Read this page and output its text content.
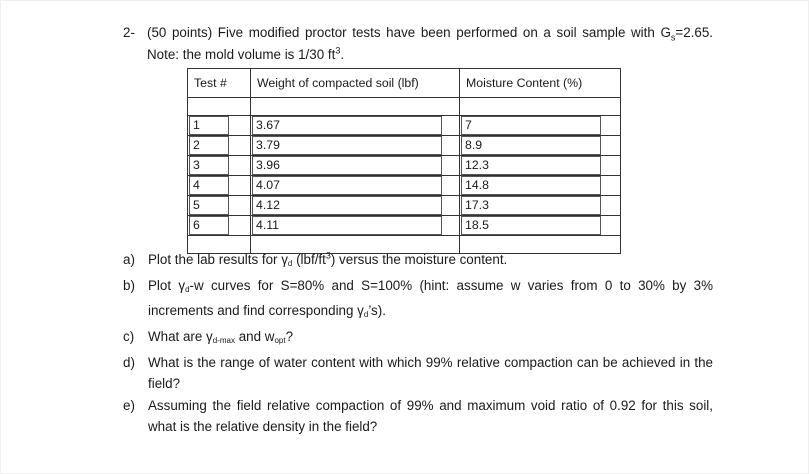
2- (50 points) Five modified proctor tests have been performed on a soil sample with $G_s=2.65$. Note: the mold volume is 1/30 $ft^3$.
Test #	Weight of compacted soil (lbf)	Moisture Content (%)

1	3.67	7
2	3.79	8.9
3	3.96	12.3
4	4.07	14.8
5	4.12	17.3
6	4.11	18.5

a) Plot the lab results for γd $(lbf/ft^3)$ versus the moisture content.
b) Plot γd-w curves for S=80% and S=100% (hint: assume w varies from 0 to 30% by 3% increments and find corresponding γd’s).
c) What are γd-max and wopt?
d) What is the range of water content with which 99% relative compaction can be achieved in the field?
e) Assuming the field relative compaction of 99% and maximum void ratio of 0.92 for this soil, what is the relative density in the field?
